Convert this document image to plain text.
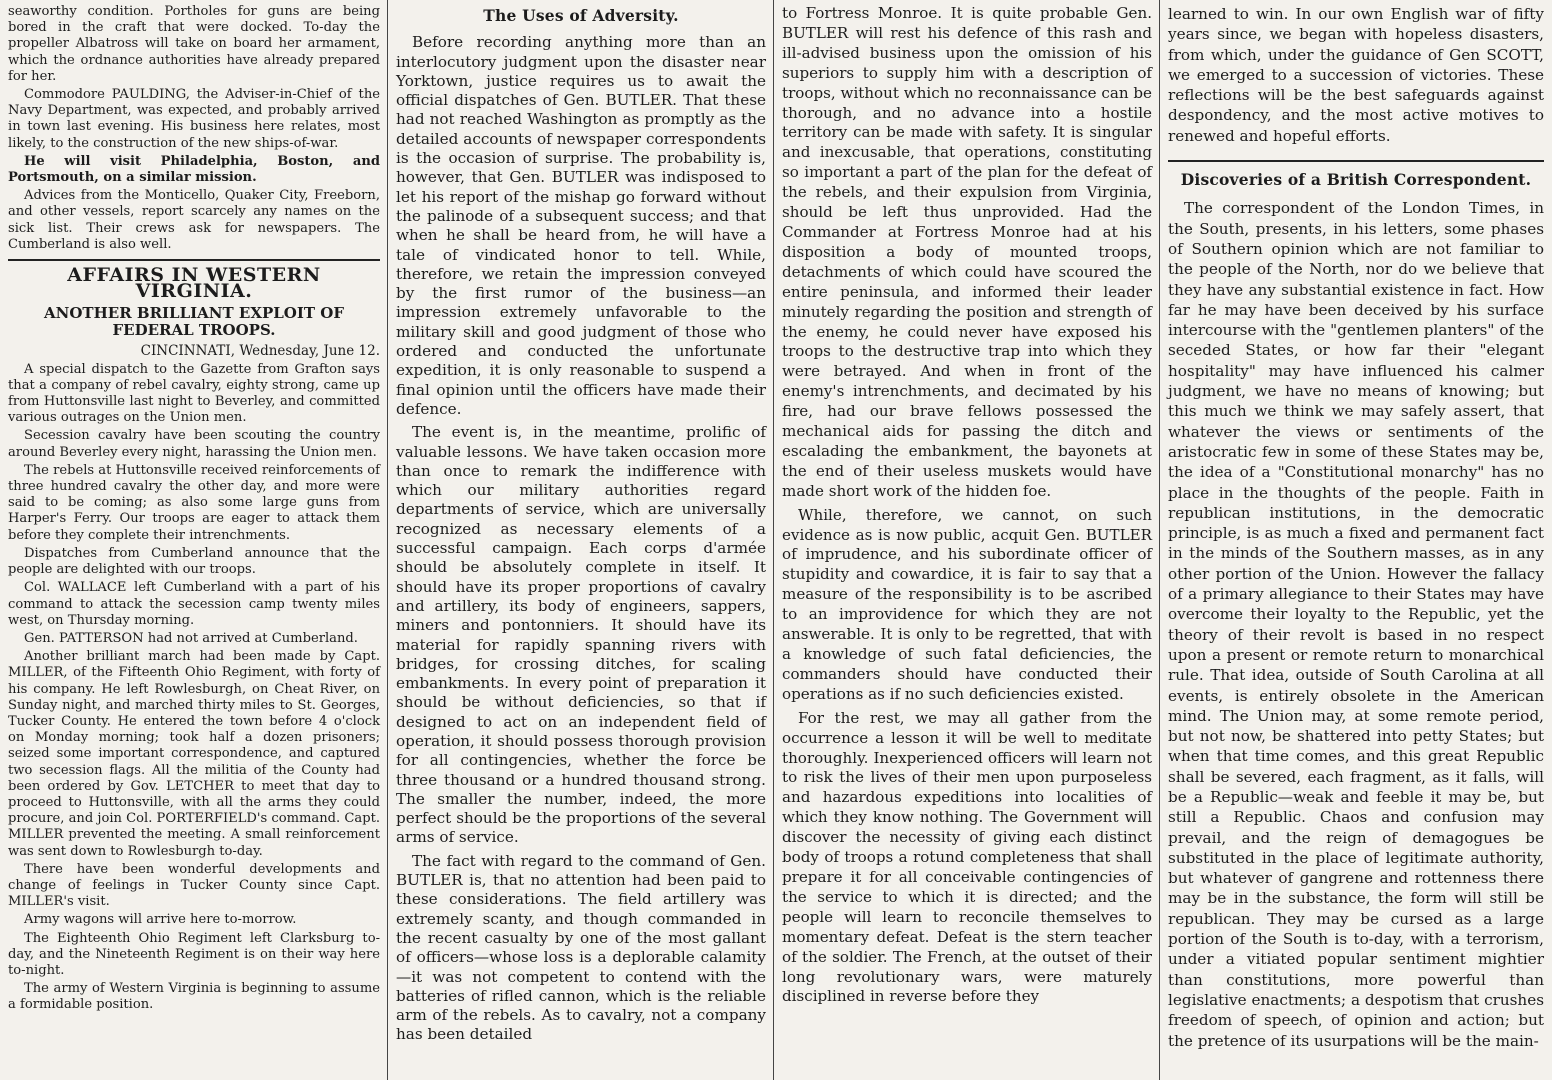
seaworthy condition. Portholes for guns are being bored in the craft that were docked. To-day the propeller Albatross will take on board her armament, which the ordnance authorities have already prepared for her.

Commodore PAULDING, the Adviser-in-Chief of the Navy Department, was expected, and probably arrived in town last evening. His business here relates, most likely, to the construction of the new ships-of-war.

He will visit Philadelphia, Boston, and Portsmouth, on a similar mission.

Advices from the Monticello, Quaker City, Freeborn, and other vessels, report scarcely any names on the sick list. Their crews ask for newspapers. The Cumberland is also well.

AFFAIRS IN WESTERN VIRGINIA.
ANOTHER BRILLIANT EXPLOIT OF FEDERAL TROOPS.
CINCINNATI, Wednesday, June 12.

A special dispatch to the Gazette from Grafton says that a company of rebel cavalry, eighty strong, came up from Huttonsville last night to Beverley, and committed various outrages on the Union men.

Secession cavalry have been scouting the country around Beverley every night, harassing the Union men.

The rebels at Huttonsville received reinforcements of three hundred cavalry the other day, and more were said to be coming; as also some large guns from Harper's Ferry. Our troops are eager to attack them before they complete their intrenchments.

Dispatches from Cumberland announce that the people are delighted with our troops.

Col. WALLACE left Cumberland with a part of his command to attack the secession camp twenty miles west, on Thursday morning.

Gen. PATTERSON had not arrived at Cumberland.

Another brilliant march had been made by Capt. MILLER, of the Fifteenth Ohio Regiment, with forty of his company. He left Rowlesburgh, on Cheat River, on Sunday night, and marched thirty miles to St. Georges, Tucker County. He entered the town before 4 o'clock on Monday morning; took half a dozen prisoners; seized some important correspondence, and captured two secession flags. All the militia of the County had been ordered by Gov. LETCHER to meet that day to proceed to Huttonsville, with all the arms they could procure, and join Col. PORTERFIELD's command. Capt. MILLER prevented the meeting. A small reinforcement was sent down to Rowlesburgh to-day.

There have been wonderful developments and change of feelings in Tucker County since Capt. MILLER's visit.

Army wagons will arrive here to-morrow.

The Eighteenth Ohio Regiment left Clarksburg to-day, and the Nineteenth Regiment is on their way here to-night.

The army of Western Virginia is beginning to assume a formidable position.

The Uses of Adversity.

Before recording anything more than an interlocutory judgment upon the disaster near Yorktown, justice requires us to await the official dispatches of Gen. BUTLER. That these had not reached Washington as promptly as the detailed accounts of newspaper correspondents is the occasion of surprise. The probability is, however, that Gen. BUTLER was indisposed to let his report of the mishap go forward without the palinode of a subsequent success; and that when he shall be heard from, he will have a tale of vindicated honor to tell. While, therefore, we retain the impression conveyed by the first rumor of the business—an impression extremely unfavorable to the military skill and good judgment of those who ordered and conducted the unfortunate expedition, it is only reasonable to suspend a final opinion until the officers have made their defence.

The event is, in the meantime, prolific of valuable lessons. We have taken occasion more than once to remark the indifference with which our military authorities regard departments of service, which are universally recognized as necessary elements of a successful campaign. Each corps d'armée should be absolutely complete in itself. It should have its proper proportions of cavalry and artillery, its body of engineers, sappers, miners and pontonniers. It should have its material for rapidly spanning rivers with bridges, for crossing ditches, for scaling embankments. In every point of preparation it should be without deficiencies, so that if designed to act on an independent field of operation, it should possess thorough provision for all contingencies, whether the force be three thousand or a hundred thousand strong. The smaller the number, indeed, the more perfect should be the proportions of the several arms of service.

The fact with regard to the command of Gen. BUTLER is, that no attention had been paid to these considerations. The field artillery was extremely scanty, and though commanded in the recent casualty by one of the most gallant of officers—whose loss is a deplorable calamity—it was not competent to contend with the batteries of rifled cannon, which is the reliable arm of the rebels. As to cavalry, not a company has been detailed

to Fortress Monroe. It is quite probable Gen. BUTLER will rest his defence of this rash and ill-advised business upon the omission of his superiors to supply him with a description of troops, without which no reconnaissance can be thorough, and no advance into a hostile territory can be made with safety. It is singular and inexcusable, that operations, constituting so important a part of the plan for the defeat of the rebels, and their expulsion from Virginia, should be left thus unprovided. Had the Commander at Fortress Monroe had at his disposition a body of mounted troops, detachments of which could have scoured the entire peninsula, and informed their leader minutely regarding the position and strength of the enemy, he could never have exposed his troops to the destructive trap into which they were betrayed. And when in front of the enemy's intrenchments, and decimated by his fire, had our brave fellows possessed the mechanical aids for passing the ditch and escalading the embankment, the bayonets at the end of their useless muskets would have made short work of the hidden foe.

While, therefore, we cannot, on such evidence as is now public, acquit Gen. BUTLER of imprudence, and his subordinate officer of stupidity and cowardice, it is fair to say that a measure of the responsibility is to be ascribed to an improvidence for which they are not answerable. It is only to be regretted, that with a knowledge of such fatal deficiencies, the commanders should have conducted their operations as if no such deficiencies existed.

For the rest, we may all gather from the occurrence a lesson it will be well to meditate thoroughly. Inexperienced officers will learn not to risk the lives of their men upon purposeless and hazardous expeditions into localities of which they know nothing. The Government will discover the necessity of giving each distinct body of troops a rotund completeness that shall prepare it for all conceivable contingencies of the service to which it is directed; and the people will learn to reconcile themselves to momentary defeat. Defeat is the stern teacher of the soldier. The French, at the outset of their long revolutionary wars, were maturely disciplined in reverse before they

learned to win. In our own English war of fifty years since, we began with hopeless disasters, from which, under the guidance of Gen SCOTT, we emerged to a succession of victories. These reflections will be the best safeguards against despondency, and the most active motives to renewed and hopeful efforts.

Discoveries of a British Correspondent.

The correspondent of the London Times, in the South, presents, in his letters, some phases of Southern opinion which are not familiar to the people of the North, nor do we believe that they have any substantial existence in fact. How far he may have been deceived by his surface intercourse with the "gentlemen planters" of the seceded States, or how far their "elegant hospitality" may have influenced his calmer judgment, we have no means of knowing; but this much we think we may safely assert, that whatever the views or sentiments of the aristocratic few in some of these States may be, the idea of a "Constitutional monarchy" has no place in the thoughts of the people. Faith in republican institutions, in the democratic principle, is as much a fixed and permanent fact in the minds of the Southern masses, as in any other portion of the Union. However the fallacy of a primary allegiance to their States may have overcome their loyalty to the Republic, yet the theory of their revolt is based in no respect upon a present or remote return to monarchical rule. That idea, outside of South Carolina at all events, is entirely obsolete in the American mind. The Union may, at some remote period, but not now, be shattered into petty States; but when that time comes, and this great Republic shall be severed, each fragment, as it falls, will be a Republic—weak and feeble it may be, but still a Republic. Chaos and confusion may prevail, and the reign of demagogues be substituted in the place of legitimate authority, but whatever of gangrene and rottenness there may be in the substance, the form will still be republican. They may be cursed as a large portion of the South is to-day, with a terrorism, under a vitiated popular sentiment mightier than constitutions, more powerful than legislative enactments; a despotism that crushes freedom of speech, of opinion and action; but the pretence of its usurpations will be the main-
